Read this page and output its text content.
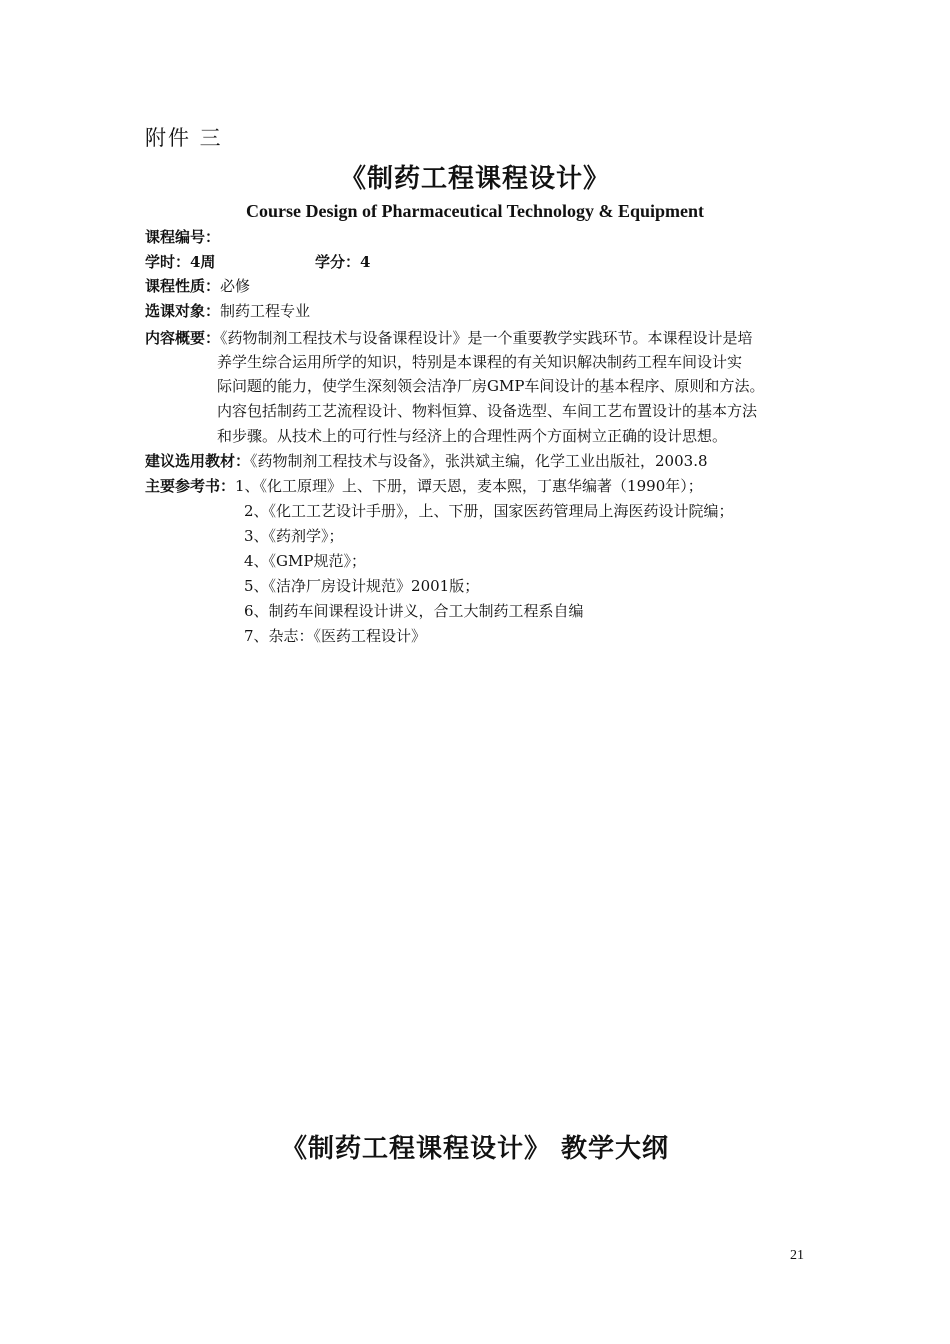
附件 三
《制药工程课程设计》
Course Design of Pharmaceutical Technology & Equipment
课程编号：
学时：4周	学分：4
课程性质：必修
选课对象：制药工程专业
内容概要：《药物制剂工程技术与设备课程设计》是一个重要教学实践环节。本课程设计是培
养学生综合运用所学的知识，特别是本课程的有关知识解决制药工程车间设计实
际问题的能力，使学生深刻领会洁净厂房GMP车间设计的基本程序、原则和方法。
内容包括制药工艺流程设计、物料恒算、设备选型、车间工艺布置设计的基本方法
和步骤。从技术上的可行性与经济上的合理性两个方面树立正确的设计思想。
建议选用教材：《药物制剂工程技术与设备》，张洪斌主编，化学工业出版社，2003.8
主要参考书：1、《化工原理》上、下册，谭天恩，麦本熙，丁惠华编著（1990年）；
2、《化工工艺设计手册》，上、下册，国家医药管理局上海医药设计院编；
3、《药剂学》；
4、《GMP规范》；
5、《洁净厂房设计规范》2001版；
6、制药车间课程设计讲义，合工大制药工程系自编
7、杂志：《医药工程设计》
《制药工程课程设计》 教学大纲
21
